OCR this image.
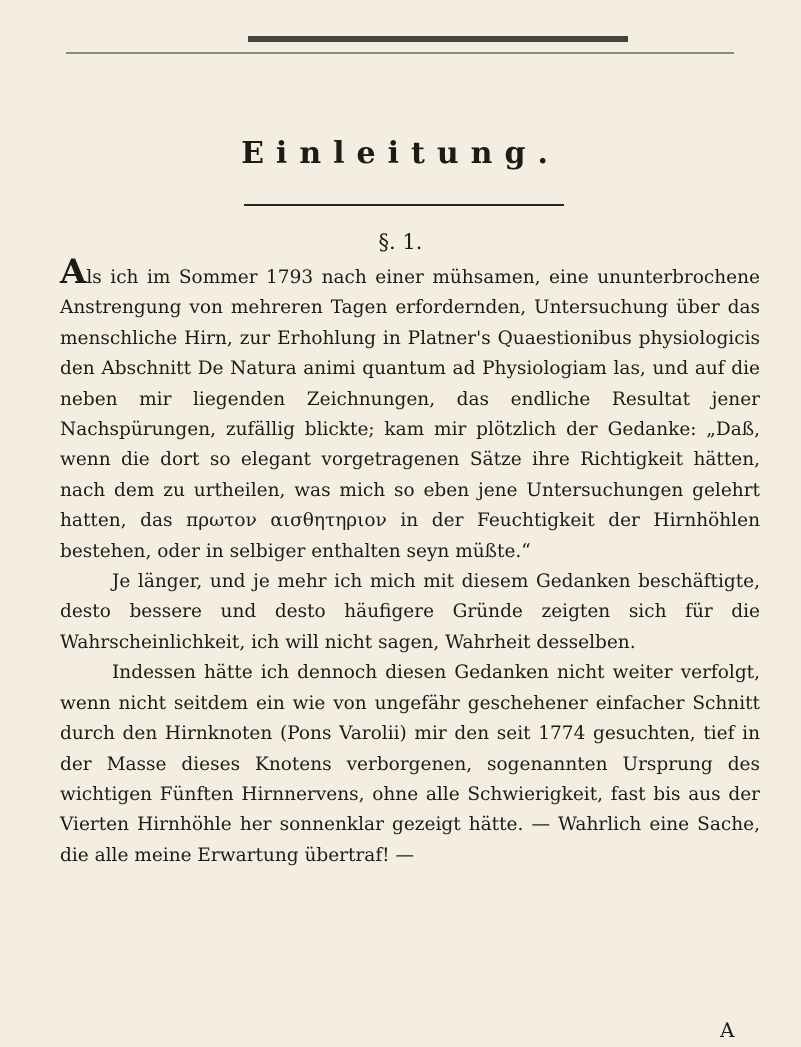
Einleitung.
§. 1.

Als ich im Sommer 1793 nach einer mühsamen, eine ununterbrochene Anstrengung von mehreren Tagen erfordernden, Untersuchung über das menschliche Hirn, zur Erhohlung in Platner's Quaestionibus physiologicis den Abschnitt De Natura animi quantum ad Physiologiam las, und auf die neben mir liegenden Zeichnungen, das endliche Resultat jener Nachspürungen, zufällig blickte; kam mir plötzlich der Gedanke: „Daß, wenn die dort so elegant vorgetragenen Sätze ihre Richtigkeit hätten, nach dem zu urtheilen, was mich so eben jene Untersuchungen gelehrt hatten, das πρωτον αισθητηριον in der Feuchtigkeit der Hirnhöhlen bestehen, oder in selbiger enthalten seyn müßte.“

Je länger, und je mehr ich mich mit diesem Gedanken beschäftigte, desto bessere und desto häufigere Gründe zeigten sich für die Wahrscheinlichkeit, ich will nicht sagen, Wahrheit desselben.

Indessen hätte ich dennoch diesen Gedanken nicht weiter verfolgt, wenn nicht seitdem ein wie von ungefähr geschehener einfacher Schnitt durch den Hirnknoten (Pons Varolii) mir den seit 1774 gesuchten, tief in der Masse dieses Knotens verborgenen, sogenannten Ursprung des wichtigen Fünften Hirnnervens, ohne alle Schwierigkeit, fast bis aus der Vierten Hirnhöhle her sonnenklar gezeigt hätte. — Wahrlich eine Sache, die alle meine Erwartung übertraf! —

A
